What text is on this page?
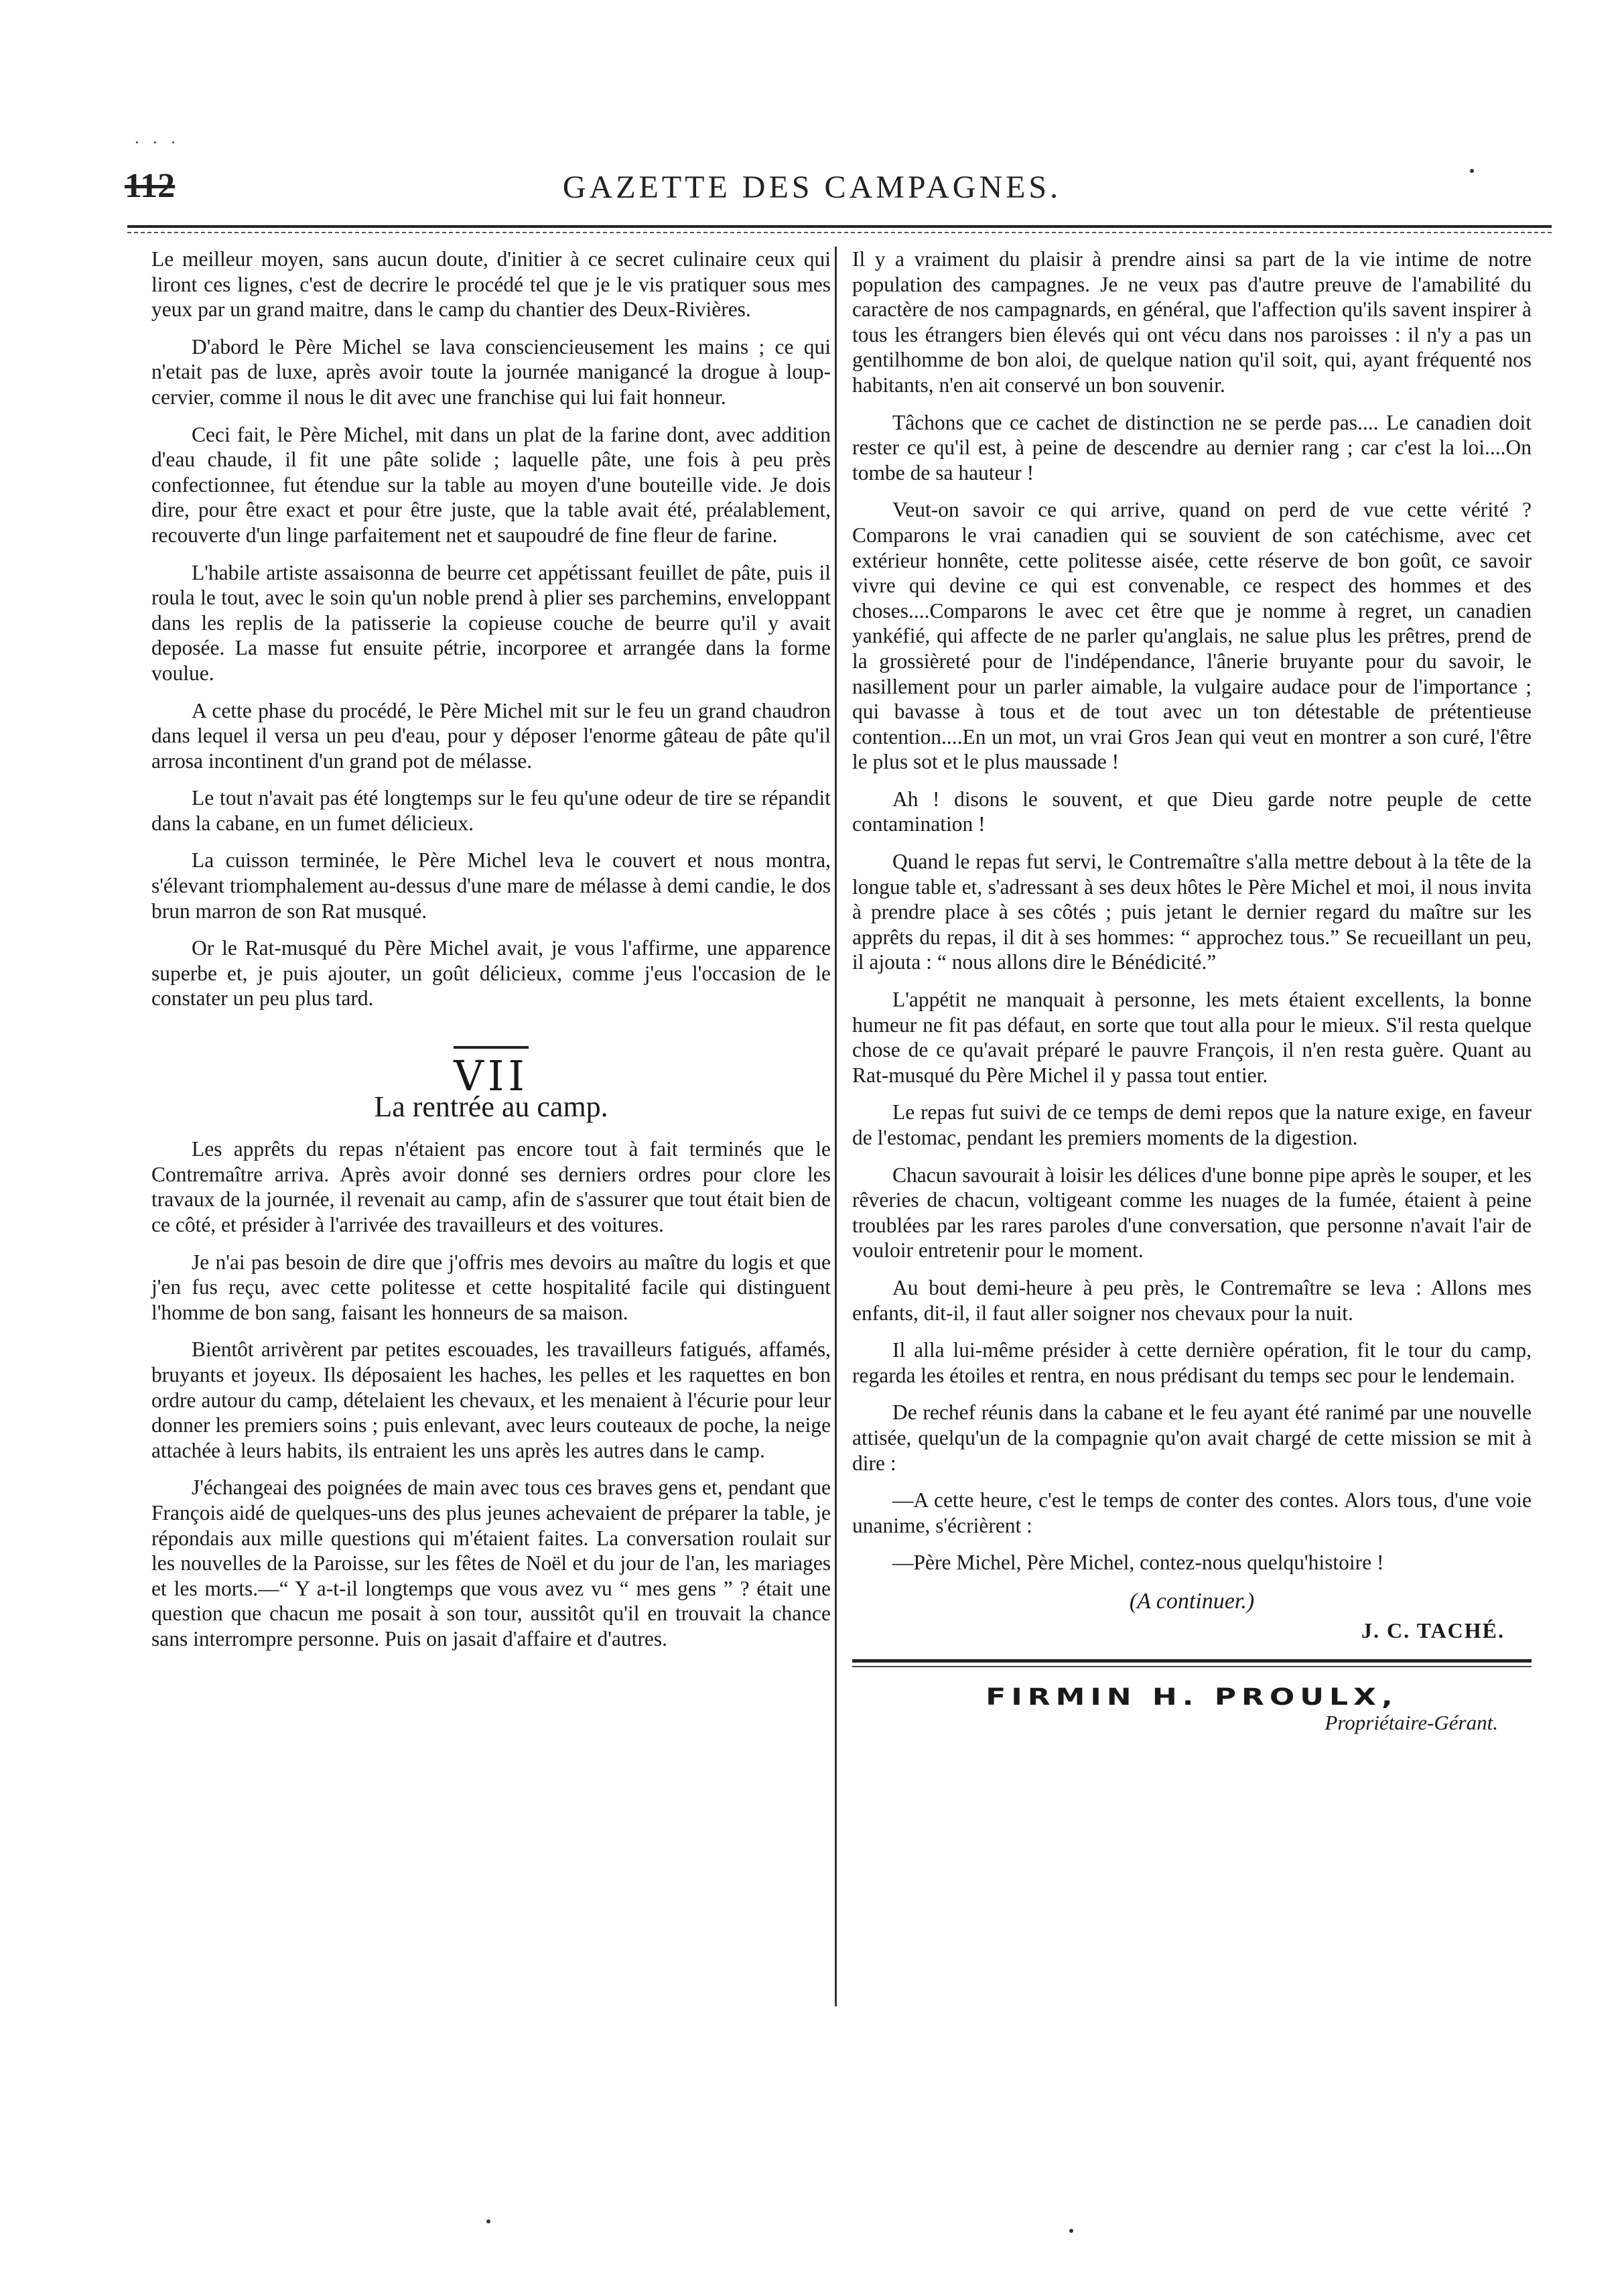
· · ·
112	GAZETTE DES CAMPAGNES.

Le meilleur moyen, sans aucun doute, d'initier à ce secret culinaire ceux qui liront ces lignes, c'est de decrire le procédé tel que je le vis pratiquer sous mes yeux par un grand maitre, dans le camp du chantier des Deux-Rivières.

D'abord le Père Michel se lava consciencieusement les mains ; ce qui n'etait pas de luxe, après avoir toute la journée manigancé la drogue à loup-cervier, comme il nous le dit avec une franchise qui lui fait honneur.

Ceci fait, le Père Michel, mit dans un plat de la farine dont, avec addition d'eau chaude, il fit une pâte solide ; laquelle pâte, une fois à peu près confectionnee, fut étendue sur la table au moyen d'une bouteille vide. Je dois dire, pour être exact et pour être juste, que la table avait été, préalablement, recouverte d'un linge parfaitement net et saupoudré de fine fleur de farine.

L'habile artiste assaisonna de beurre cet appétissant feuillet de pâte, puis il roula le tout, avec le soin qu'un noble prend à plier ses parchemins, enveloppant dans les replis de la patisserie la copieuse couche de beurre qu'il y avait deposée. La masse fut ensuite pétrie, incorporee et arrangée dans la forme voulue.

A cette phase du procédé, le Père Michel mit sur le feu un grand chaudron dans lequel il versa un peu d'eau, pour y déposer l'enorme gâteau de pâte qu'il arrosa incontinent d'un grand pot de mélasse.

Le tout n'avait pas été longtemps sur le feu qu'une odeur de tire se répandit dans la cabane, en un fumet délicieux.

La cuisson terminée, le Père Michel leva le couvert et nous montra, s'élevant triomphalement au-dessus d'une mare de mélasse à demi candie, le dos brun marron de son Rat musqué.

Or le Rat-musqué du Père Michel avait, je vous l'affirme, une apparence superbe et, je puis ajouter, un goût délicieux, comme j'eus l'occasion de le constater un peu plus tard.

VII
La rentrée au camp.

Les apprêts du repas n'étaient pas encore tout à fait terminés que le Contremaître arriva. Après avoir donné ses derniers ordres pour clore les travaux de la journée, il revenait au camp, afin de s'assurer que tout était bien de ce côté, et présider à l'arrivée des travailleurs et des voitures.

Je n'ai pas besoin de dire que j'offris mes devoirs au maître du logis et que j'en fus reçu, avec cette politesse et cette hospitalité facile qui distinguent l'homme de bon sang, faisant les honneurs de sa maison.

Bientôt arrivèrent par petites escouades, les travailleurs fatigués, affamés, bruyants et joyeux. Ils déposaient les haches, les pelles et les raquettes en bon ordre autour du camp, dételaient les chevaux, et les menaient à l'écurie pour leur donner les premiers soins ; puis enlevant, avec leurs couteaux de poche, la neige attachée à leurs habits, ils entraient les uns après les autres dans le camp.

J'échangeai des poignées de main avec tous ces braves gens et, pendant que François aidé de quelques-uns des plus jeunes achevaient de préparer la table, je répondais aux mille questions qui m'étaient faites. La conversation roulait sur les nouvelles de la Paroisse, sur les fêtes de Noël et du jour de l'an, les mariages et les morts.—“ Y a-t-il longtemps que vous avez vu “ mes gens ” ? était une question que chacun me posait à son tour, aussitôt qu'il en trouvait la chance sans interrompre personne. Puis on jasait d'affaire et d'autres.

Il y a vraiment du plaisir à prendre ainsi sa part de la vie intime de notre population des campagnes. Je ne veux pas d'autre preuve de l'amabilité du caractère de nos campagnards, en général, que l'affection qu'ils savent inspirer à tous les étrangers bien élevés qui ont vécu dans nos paroisses : il n'y a pas un gentilhomme de bon aloi, de quelque nation qu'il soit, qui, ayant fréquenté nos habitants, n'en ait conservé un bon souvenir.

Tâchons que ce cachet de distinction ne se perde pas.... Le canadien doit rester ce qu'il est, à peine de descendre au dernier rang ; car c'est la loi....On tombe de sa hauteur !

Veut-on savoir ce qui arrive, quand on perd de vue cette vérité ? Comparons le vrai canadien qui se souvient de son catéchisme, avec cet extérieur honnête, cette politesse aisée, cette réserve de bon goût, ce savoir vivre qui devine ce qui est convenable, ce respect des hommes et des choses....Comparons le avec cet être que je nomme à regret, un canadien yankéfié, qui affecte de ne parler qu'anglais, ne salue plus les prêtres, prend de la grossièreté pour de l'indépendance, l'ânerie bruyante pour du savoir, le nasillement pour un parler aimable, la vulgaire audace pour de l'importance ; qui bavasse à tous et de tout avec un ton détestable de prétentieuse contention....En un mot, un vrai Gros Jean qui veut en montrer a son curé, l'être le plus sot et le plus maussade !

Ah ! disons le souvent, et que Dieu garde notre peuple de cette contamination !

Quand le repas fut servi, le Contremaître s'alla mettre debout à la tête de la longue table et, s'adressant à ses deux hôtes le Père Michel et moi, il nous invita à prendre place à ses côtés ; puis jetant le dernier regard du maître sur les apprêts du repas, il dit à ses hommes: “ approchez tous.” Se recueillant un peu, il ajouta : “ nous allons dire le Bénédicité.”

L'appétit ne manquait à personne, les mets étaient excellents, la bonne humeur ne fit pas défaut, en sorte que tout alla pour le mieux. S'il resta quelque chose de ce qu'avait préparé le pauvre François, il n'en resta guère. Quant au Rat-musqué du Père Michel il y passa tout entier.

Le repas fut suivi de ce temps de demi repos que la nature exige, en faveur de l'estomac, pendant les premiers moments de la digestion.

Chacun savourait à loisir les délices d'une bonne pipe après le souper, et les rêveries de chacun, voltigeant comme les nuages de la fumée, étaient à peine troublées par les rares paroles d'une conversation, que personne n'avait l'air de vouloir entretenir pour le moment.

Au bout demi-heure à peu près, le Contremaître se leva : Allons mes enfants, dit-il, il faut aller soigner nos chevaux pour la nuit.

Il alla lui-même présider à cette dernière opération, fit le tour du camp, regarda les étoiles et rentra, en nous prédisant du temps sec pour le lendemain.

De rechef réunis dans la cabane et le feu ayant été ranimé par une nouvelle attisée, quelqu'un de la compagnie qu'on avait chargé de cette mission se mit à dire :

—A cette heure, c'est le temps de conter des contes. Alors tous, d'une voie unanime, s'écrièrent :

—Père Michel, Père Michel, contez-nous quelqu'histoire !

(A continuer.)
J. C. TACHÉ.
FIRMIN H. PROULX,
Propriétaire-Gérant.
